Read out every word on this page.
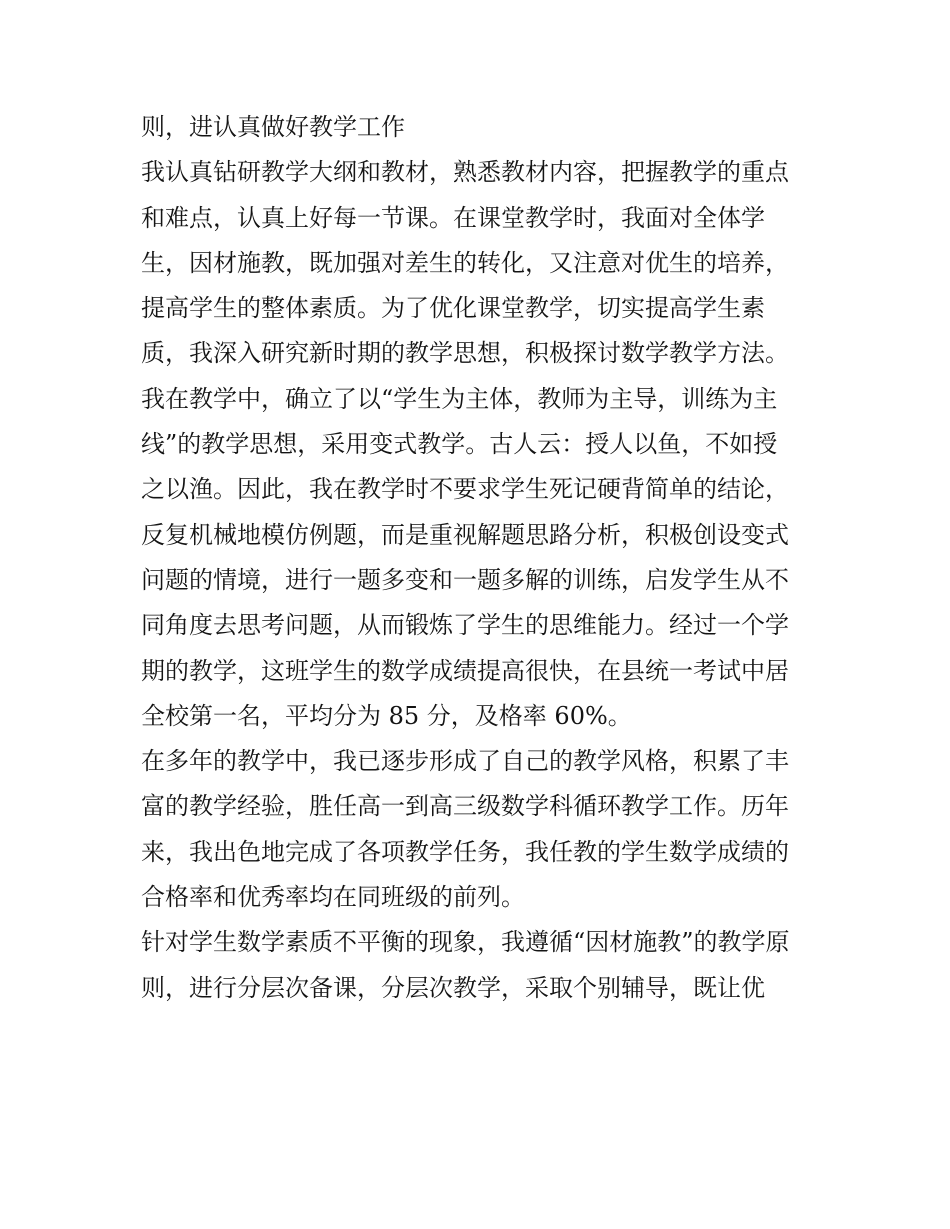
则，进认真做好教学工作
我认真钻研教学大纲和教材，熟悉教材内容，把握教学的重点
和难点，认真上好每一节课。在课堂教学时，我面对全体学
生，因材施教，既加强对差生的转化，又注意对优生的培养，
提高学生的整体素质。为了优化课堂教学，切实提高学生素
质，我深入研究新时期的教学思想，积极探讨数学教学方法。
我在教学中，确立了以“学生为主体，教师为主导，训练为主
线”的教学思想，采用变式教学。古人云：授人以鱼，不如授
之以渔。因此，我在教学时不要求学生死记硬背简单的结论，
反复机械地模仿例题，而是重视解题思路分析，积极创设变式
问题的情境，进行一题多变和一题多解的训练，启发学生从不
同角度去思考问题，从而锻炼了学生的思维能力。经过一个学
期的教学，这班学生的数学成绩提高很快，在县统一考试中居
全校第一名，平均分为 85 分，及格率 60%。
在多年的教学中，我已逐步形成了自己的教学风格，积累了丰
富的教学经验，胜任高一到高三级数学科循环教学工作。历年
来，我出色地完成了各项教学任务，我任教的学生数学成绩的
合格率和优秀率均在同班级的前列。
针对学生数学素质不平衡的现象，我遵循“因材施教”的教学原
则，进行分层次备课，分层次教学，采取个别辅导，既让优
